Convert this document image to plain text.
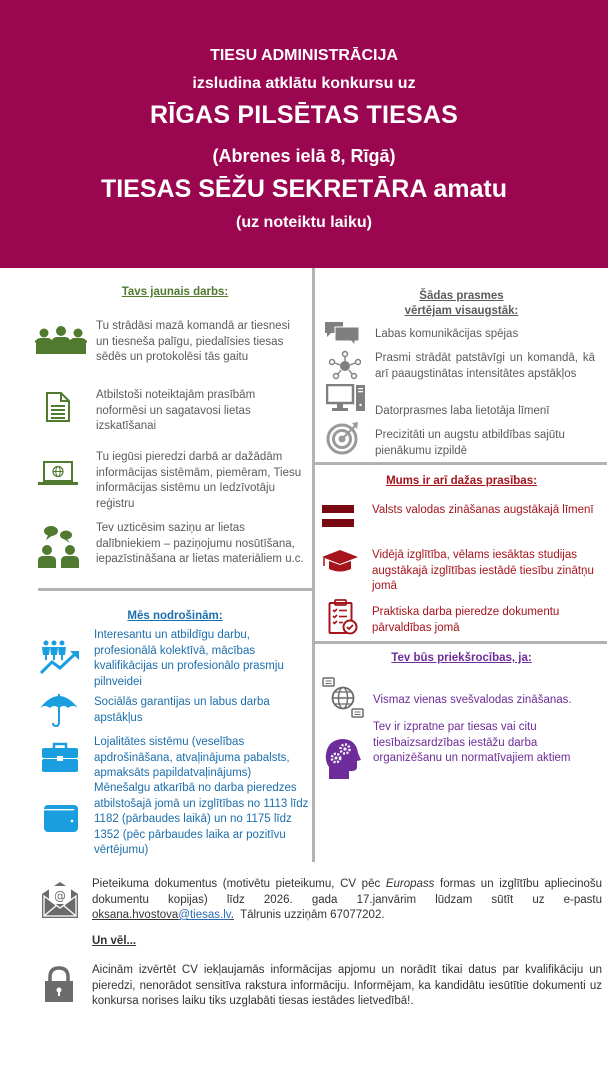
TIESU ADMINISTRĀCIJA
izsludina atklātu konkursu uz
RĪGAS PILSĒTAS TIESAS
(Abrenes ielā 8, Rīgā)
TIESAS SĒŽU SEKRETĀRA amatu
(uz noteiktu laiku)
Tavs jaunais darbs:
Tu strādāsi mazā komandā ar tiesnesi un tiesneša palīgu, piedalīsies tiesas sēdēs un protokolēsi tās gaitu
Atbilstoši noteiktajām prasībām noformēsi un sagatavosi lietas izskatīšanai
Tu iegūsi pieredzi darbā ar dažādām informācijas sistēmām, piemēram, Tiesu informācijas sistēmu un Iedzīvotāju reģistru
Tev uzticēsim saziņu ar lietas dalībniekiem – paziņojumu nosūtīšana, iepazīstināšana ar lietas materiāliem u.c.
Mēs nodrošinām:
Interesantu un atbildīgu darbu, profesionālā kolektīvā, mācības kvalifikācijas un profesionālo prasmju pilnveidei
Sociālās garantijas un labus darba apstākļus
Lojalitātes sistēmu (veselības apdrošināšana, atvaļinājuma pabalsts, apmaksāts papildatvaļinājums)
Mēnešalgu atkarībā no darba pieredzes atbilstošajā jomā un izglītības no 1113 līdz 1182 (pārbaudes laikā) un no 1175 līdz 1352 (pēc pārbaudes laika ar pozitīvu vērtējumu)
Šādas prasmes
vērtējam visaugstāk:
Labas komunikācijas spējas
Prasmi strādāt patstāvīgi un komandā, kā arī paaugstinātas intensitātes apstākļos
Datorprasmes laba lietotāja līmenī
Precizitāti un augstu atbildības sajūtu pienākumu izpildē
Mums ir arī dažas prasības:
Valsts valodas zināšanas augstākajā līmenī
Vidējā izglītība, vēlams iesāktas studijas augstākajā izglītības iestādē tiesību zinātņu jomā
Praktiska darba pieredze dokumentu pārvaldības jomā
Tev būs priekšrocības, ja:
Vismaz vienas svešvalodas zināšanas.
Tev ir izpratne par tiesas vai citu tiesībaizsardzības iestāžu darba organizēšanu un normatīvajiem aktiem
@
Pieteikuma dokumentus (motivētu pieteikumu, CV pēc Europass formas un izglītību apliecinošu dokumentu kopijas) līdz 2026. gada 17.janvārim lūdzam sūtīt uz e-pastu oksana.hvostova@tiesas.lv.  Tālrunis uzziņām 67077202.
Un vēl...
Aicinām izvērtēt CV iekļaujamās informācijas apjomu un norādīt tikai datus par kvalifikāciju un pieredzi, nenorādot sensitīva rakstura informāciju. Informējam, ka kandidātu iesūtītie dokumenti uz konkursa norises laiku tiks uzglabāti tiesas iestādes lietvedībā!.
